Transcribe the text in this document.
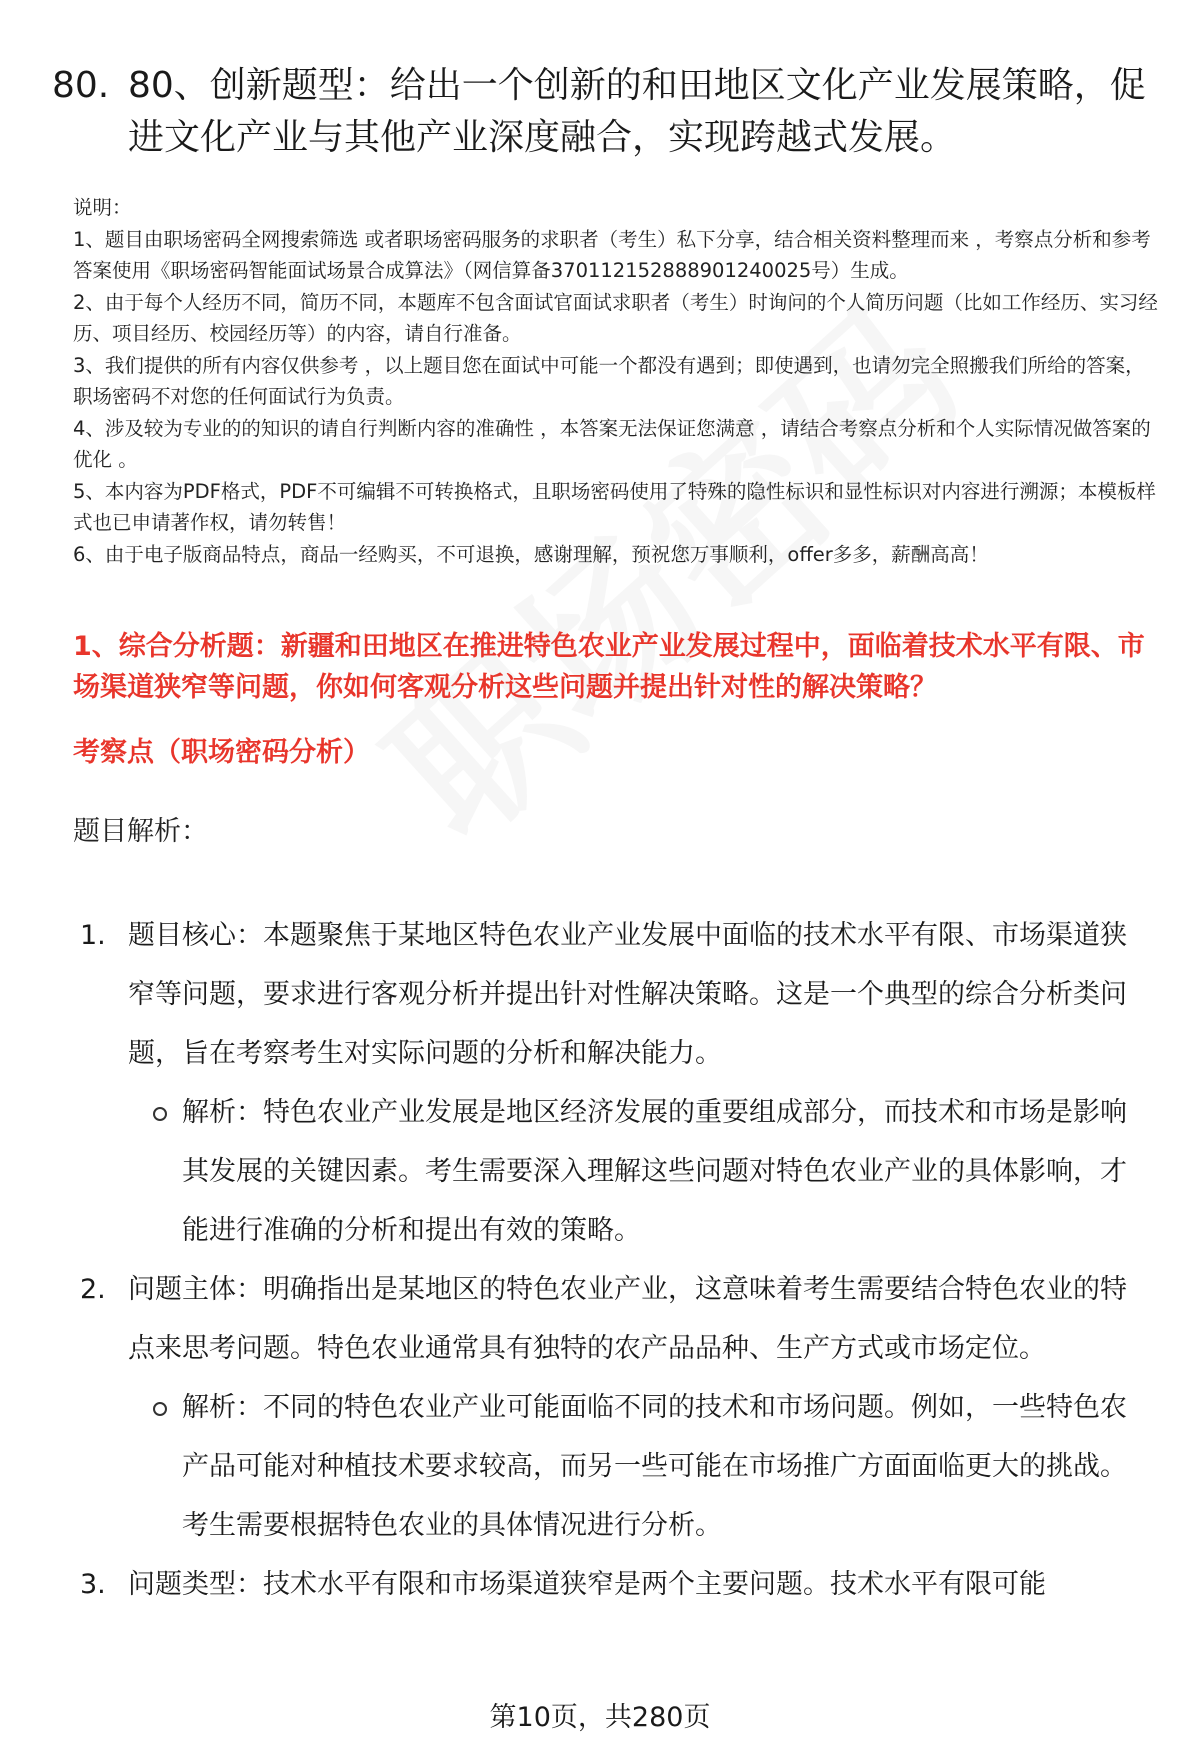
80. 80、创新题型：给出一个创新的和田地区文化产业发展策略，促进文化产业与其他产业深度融合，实现跨越式发展。
说明：
1、题目由职场密码全网搜索筛选 或者职场密码服务的求职者（考生）私下分享，结合相关资料整理而来 ，考察点分析和参考答案使用《职场密码智能面试场景合成算法》（网信算备370112152888901240025号）生成。
2、由于每个人经历不同，简历不同，本题库不包含面试官面试求职者（考生）时询问的个人简历问题（比如工作经历、实习经历、项目经历、校园经历等）的内容，请自行准备。
3、我们提供的所有内容仅供参考 ，以上题目您在面试中可能一个都没有遇到；即使遇到，也请勿完全照搬我们所给的答案，职场密码不对您的任何面试行为负责。
4、涉及较为专业的的知识的请自行判断内容的准确性 ，本答案无法保证您满意 ，请结合考察点分析和个人实际情况做答案的优化 。
5、本内容为PDF格式，PDF不可编辑不可转换格式，且职场密码使用了特殊的隐性标识和显性标识对内容进行溯源；本模板样式也已申请著作权，请勿转售！
6、由于电子版商品特点，商品一经购买，不可退换，感谢理解，预祝您万事顺利，offer多多，薪酬高高！
1、综合分析题：新疆和田地区在推进特色农业产业发展过程中，面临着技术水平有限、市场渠道狭窄等问题，你如何客观分析这些问题并提出针对性的解决策略？
考察点（职场密码分析）
题目解析：
1. 题目核心：本题聚焦于某地区特色农业产业发展中面临的技术水平有限、市场渠道狭窄等问题，要求进行客观分析并提出针对性解决策略。这是一个典型的综合分析类问题，旨在考察考生对实际问题的分析和解决能力。
解析：特色农业产业发展是地区经济发展的重要组成部分，而技术和市场是影响其发展的关键因素。考生需要深入理解这些问题对特色农业产业的具体影响，才能进行准确的分析和提出有效的策略。
2. 问题主体：明确指出是某地区的特色农业产业，这意味着考生需要结合特色农业的特点来思考问题。特色农业通常具有独特的农产品品种、生产方式或市场定位。
解析：不同的特色农业产业可能面临不同的技术和市场问题。例如，一些特色农产品可能对种植技术要求较高，而另一些可能在市场推广方面面临更大的挑战。考生需要根据特色农业的具体情况进行分析。
3. 问题类型：技术水平有限和市场渠道狭窄是两个主要问题。技术水平有限可能
第10页，共280页
